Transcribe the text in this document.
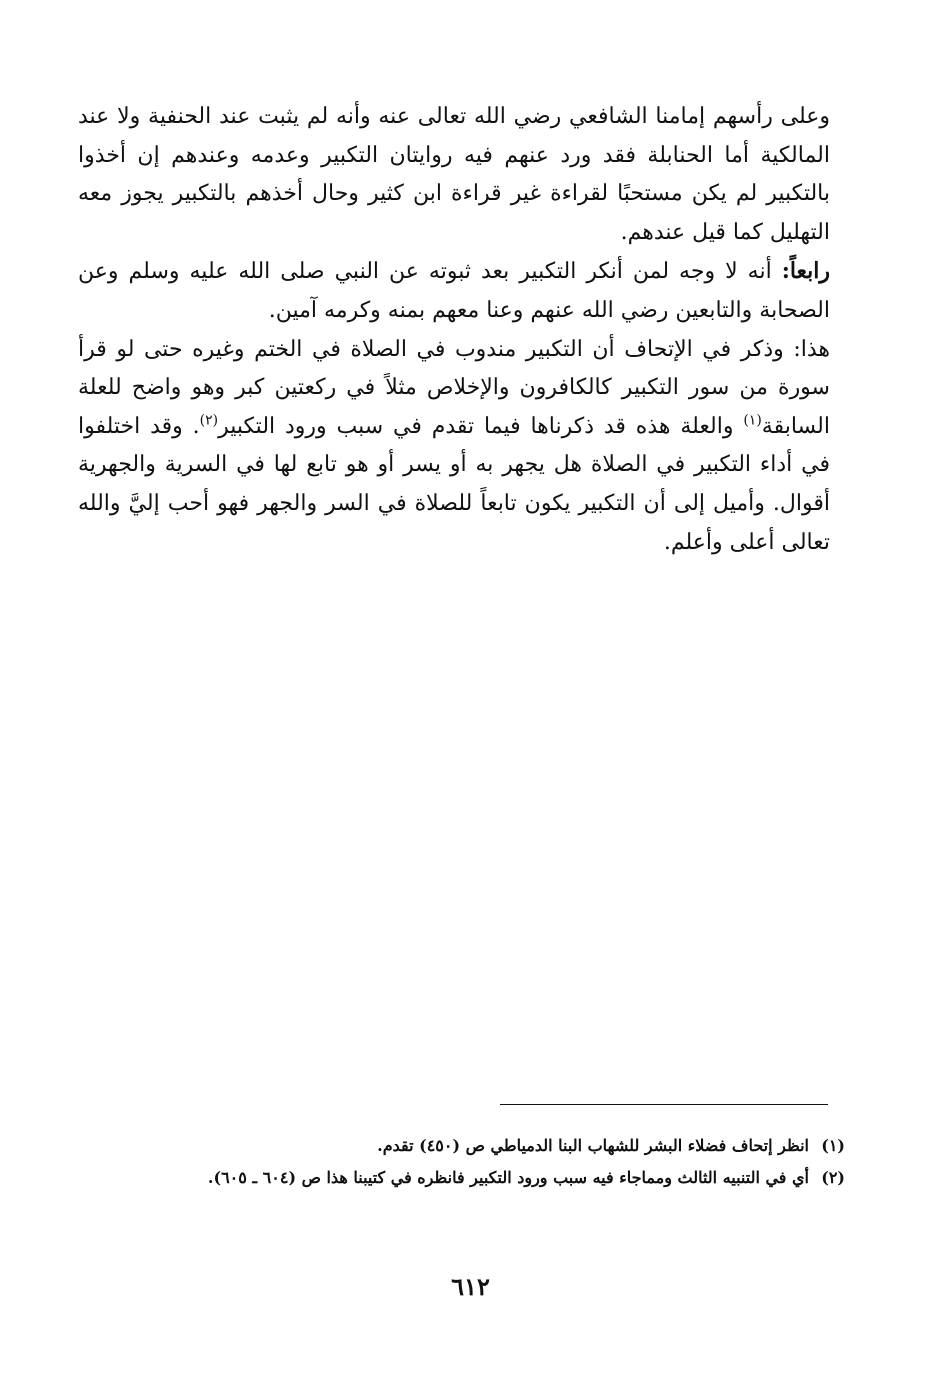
وعلى رأسهم إمامنا الشافعي رضي الله تعالى عنه وأنه لم يثبت عند الحنفية ولا عند المالكية أما الحنابلة فقد ورد عنهم فيه روايتان التكبير وعدمه وعندهم إن أخذوا بالتكبير لم يكن مستحبًا لقراءة غير قراءة ابن كثير وحال أخذهم بالتكبير يجوز معه التهليل كما قيل عندهم.

رابعاً: أنه لا وجه لمن أنكر التكبير بعد ثبوته عن النبي صلى الله عليه وسلم وعن الصحابة والتابعين رضي الله عنهم وعنا معهم بمنه وكرمه آمين.

هذا: وذكر في الإتحاف أن التكبير مندوب في الصلاة في الختم وغيره حتى لو قرأ سورة من سور التكبير كالكافرون والإخلاص مثلاً في ركعتين كبر وهو واضح للعلة السابقة$^{(١)}$ والعلة هذه قد ذكرناها فيما تقدم في سبب ورود التكبير$^{(٢)}$. وقد اختلفوا في أداء التكبير في الصلاة هل يجهر به أو يسر أو هو تابع لها في السرية والجهرية أقوال. وأميل إلى أن التكبير يكون تابعاً للصلاة في السر والجهر فهو أحب إليَّ والله تعالى أعلى وأعلم.

(١)
انظر إتحاف فضلاء البشر للشهاب البنا الدمياطي ص (٤٥٠) تقدم.
(٢)
أي في التنبيه الثالث ومماجاء فيه سبب ورود التكبير فانظره في كتيبنا هذا ص (٦٠٤ ـ ٦٠٥).
٦١٢
